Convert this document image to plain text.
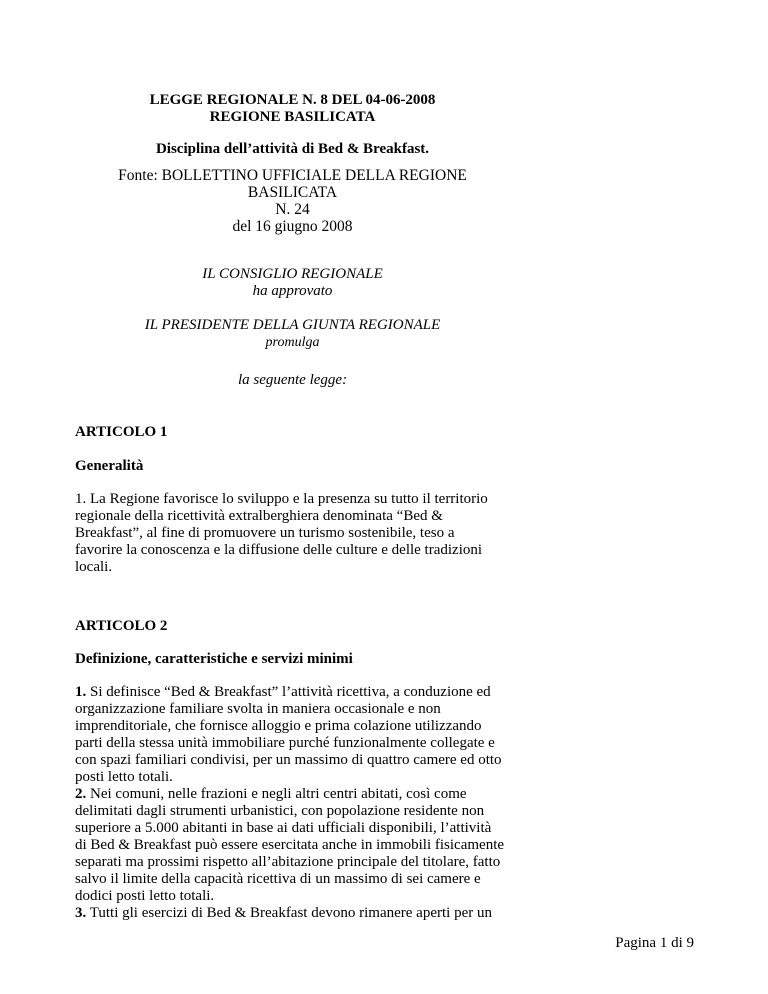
LEGGE REGIONALE N. 8 DEL 04-06-2008
REGIONE BASILICATA
Disciplina dell’attività di Bed & Breakfast.
Fonte: BOLLETTINO UFFICIALE DELLA REGIONE
BASILICATA
N. 24
del 16 giugno 2008
IL CONSIGLIO REGIONALE
ha approvato
IL PRESIDENTE DELLA GIUNTA REGIONALE
promulga
la seguente legge:
ARTICOLO 1
Generalità
1. La Regione favorisce lo sviluppo e la presenza su tutto il territorio
regionale della ricettività extralberghiera denominata “Bed &
Breakfast”, al fine di promuovere un turismo sostenibile, teso a
favorire la conoscenza e la diffusione delle culture e delle tradizioni
locali.
ARTICOLO 2
Definizione, caratteristiche e servizi minimi
1. Si definisce “Bed & Breakfast” l’attività ricettiva, a conduzione ed
organizzazione familiare svolta in maniera occasionale e non
imprenditoriale, che fornisce alloggio e prima colazione utilizzando
parti della stessa unità immobiliare purché funzionalmente collegate e
con spazi familiari condivisi, per un massimo di quattro camere ed otto
posti letto totali.
2. Nei comuni, nelle frazioni e negli altri centri abitati, così come
delimitati dagli strumenti urbanistici, con popolazione residente non
superiore a 5.000 abitanti in base ai dati ufficiali disponibili, l’attività
di Bed & Breakfast può essere esercitata anche in immobili fisicamente
separati ma prossimi rispetto all’abitazione principale del titolare, fatto
salvo il limite della capacità ricettiva di un massimo di sei camere e
dodici posti letto totali.
3. Tutti gli esercizi di Bed & Breakfast devono rimanere aperti per un
Pagina 1 di 9
